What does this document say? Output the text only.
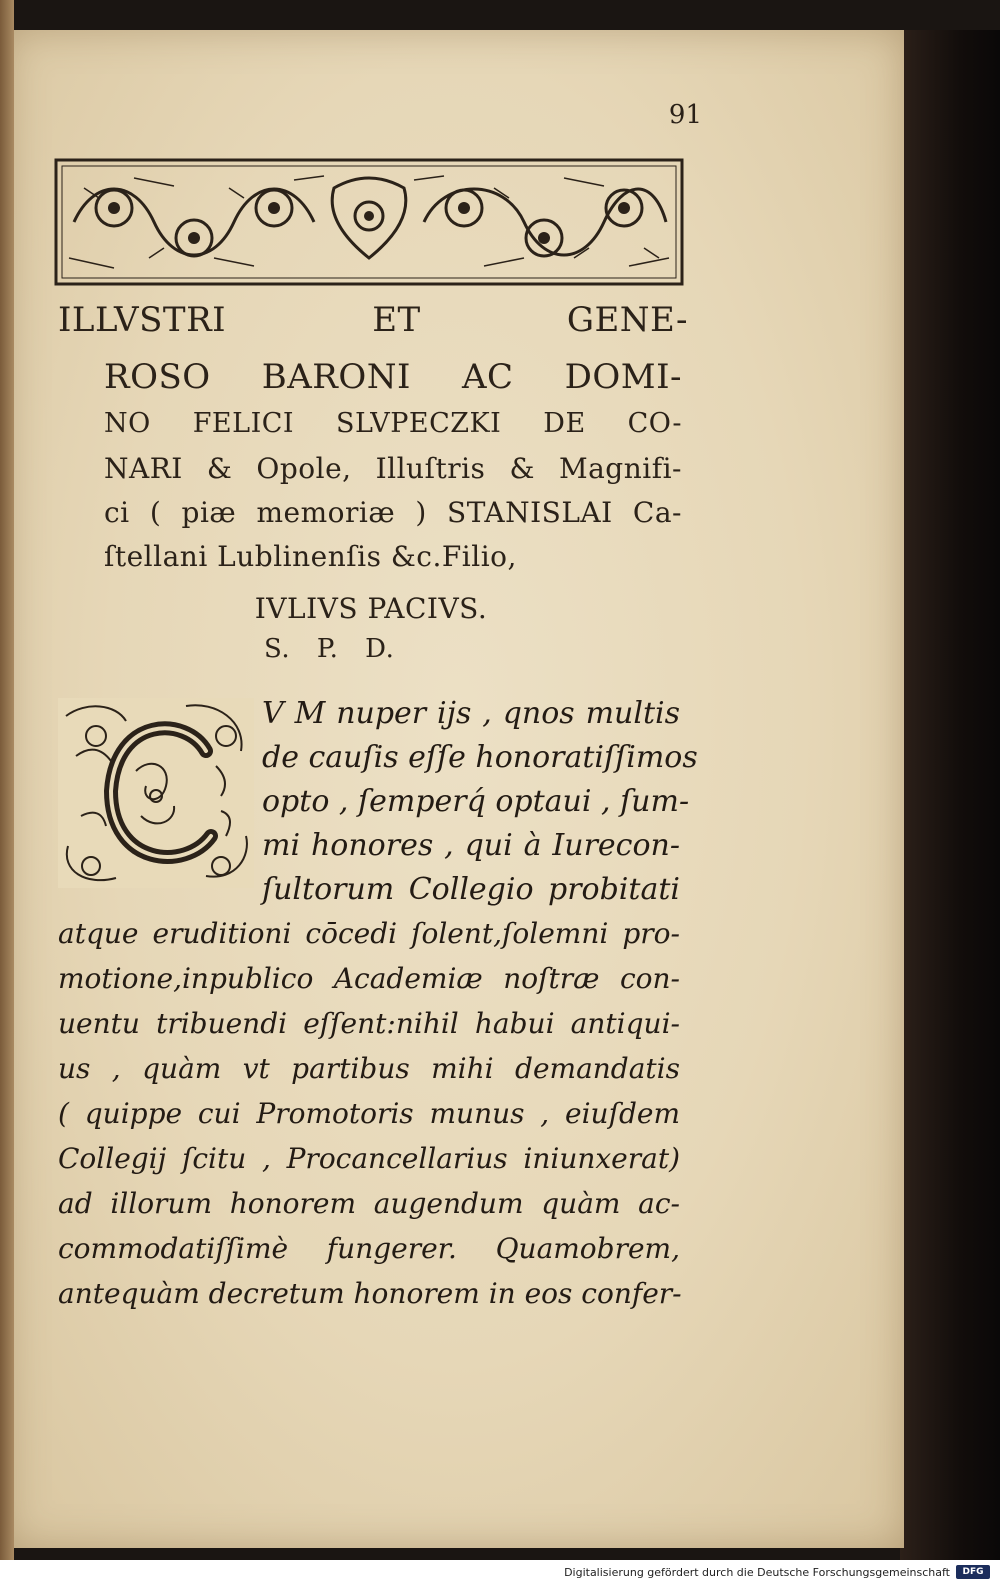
91
ILLVSTRI ET GENE-
ROSO BARONI AC DOMI-
NO FELICI SLVPECZKI DE CO-
NARI & Opole, Illuſtris & Magnifi-
ci ( piæ memoriæ ) STANISLAI Ca-
ſtellani Lublinenſis &c.Filio,
IVLIVS PACIVS.
S. P. D.
C	V M nuper ijs , qnos multis
de cauſis eſſe honoratiſſimos
opto , ſemperq́ optaui , ſum-
mi honores , qui à Iurecon-
ſultorum Collegio probitati
atque eruditioni cōcedi ſolent,ſolemni pro-
motione,inpublico Academiæ noſtræ con-
uentu tribuendi eſſent:nihil habui antiqui-
us , quàm vt partibus mihi demandatis
( quippe cui Promotoris munus , eiuſdem
Collegij ſcitu , Procancellarius iniunxerat)
ad illorum honorem augendum quàm ac-
commodatiſſimè fungerer. Quamobrem,
antequàm decretum honorem in eos confer-
Digitalisierung gefördert durch die Deutsche Forschungsgemeinschaft	DFG
